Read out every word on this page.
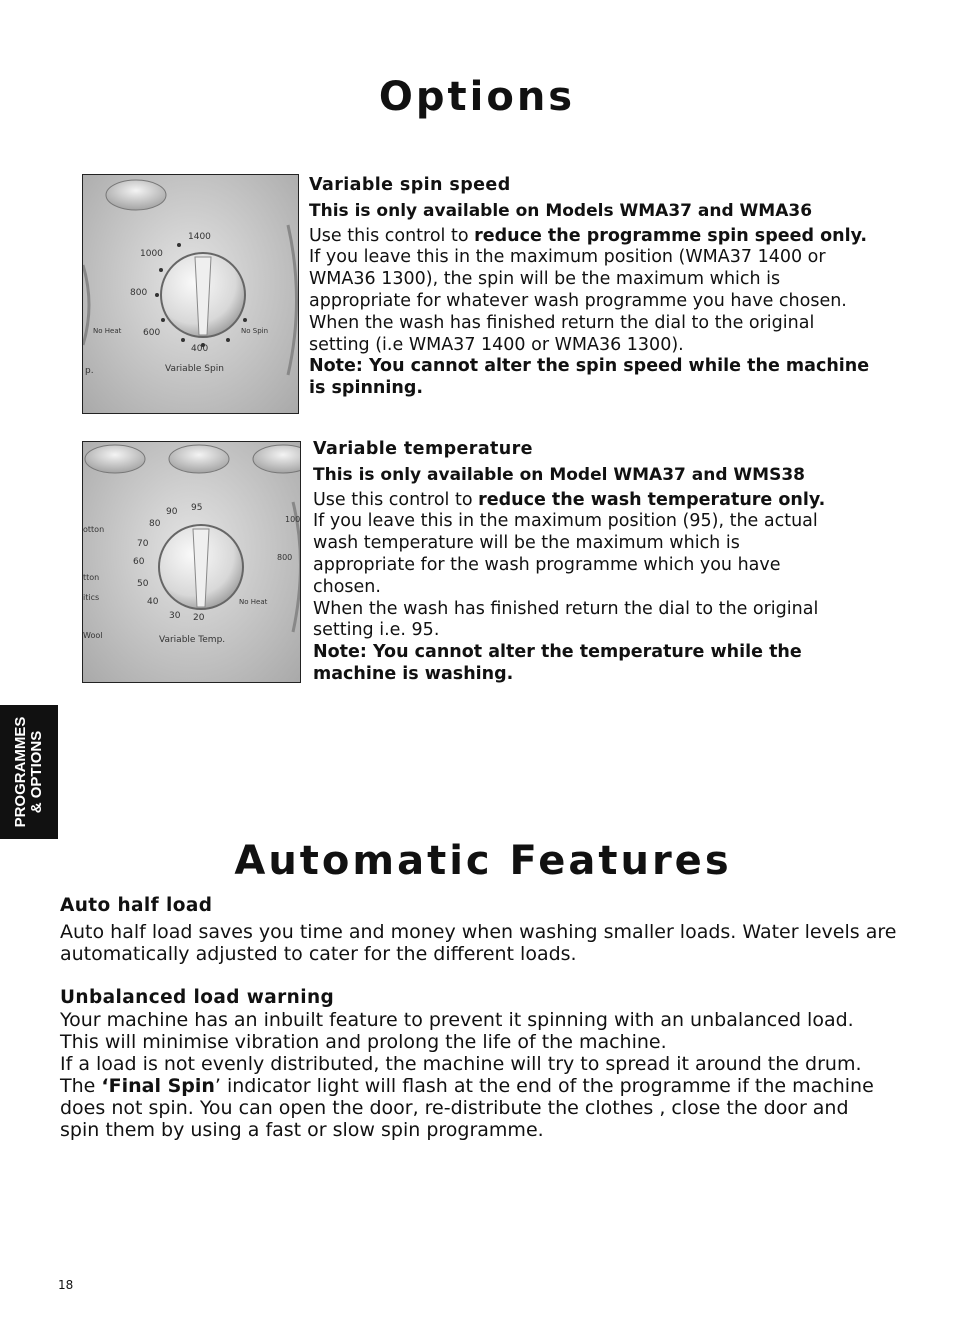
Options
1400
1000
800
600
400
No Heat	No Spin
Variable Spin
p.
Variable spin speed
This is only available on Models WMA37 and WMA36

Use this control to reduce the programme spin speed only.

If you leave this in the maximum position (WMA37 1400 or

WMA36 1300), the spin will be the maximum which is

appropriate for whatever wash programme you have chosen.

When the wash has finished return the dial to the original

setting (i.e WMA37 1400 or WMA36 1300).

Note: You cannot alter the spin speed while the machine

is spinning.

95
90
80
70
60
50
40
30 20
No Heat
Variable Temp.
otton
tton
itics
Wool
100
800
Variable temperature
This is only available on Model WMA37 and WMS38

Use this control to reduce the wash temperature only.

If you leave this in the maximum position (95), the actual

wash temperature will be the maximum which is

appropriate for the wash programme which you have

chosen.

When the wash has finished return the dial to the original

setting i.e. 95.

Note: You cannot alter the temperature while the

machine is washing.

PROGRAMMES & OPTIONS
Automatic Features
Auto half load

Auto half load saves you time and money when washing smaller loads. Water levels are

automatically adjusted to cater for the different loads.

Unbalanced load warning

Your machine has an inbuilt feature to prevent it spinning with an unbalanced load.

This will minimise vibration and prolong the life of the machine.

If a load is not evenly distributed, the machine will try to spread it around the drum.

The ‘Final Spin’ indicator light will flash at the end of the programme if the machine

does not spin. You can open the door, re-distribute the clothes , close the door and

spin them by using a fast or slow spin programme.

18
